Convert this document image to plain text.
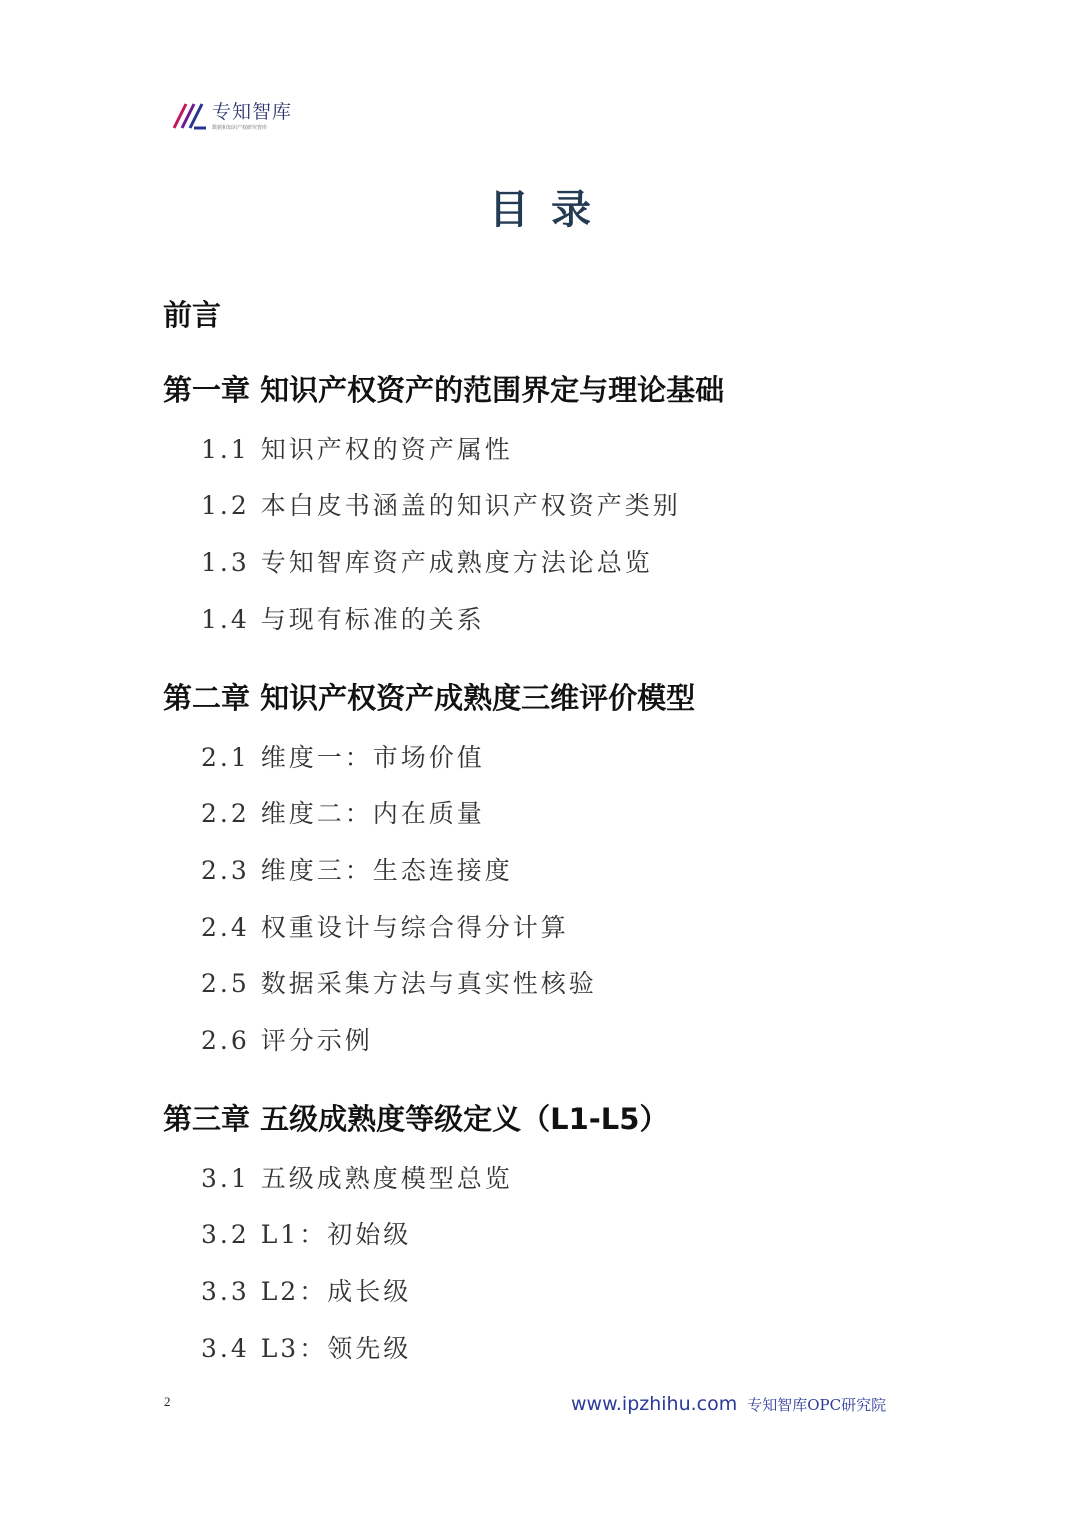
专知智库
数据和知识产权研究智库
目录
前言
第一章 知识产权资产的范围界定与理论基础
1.1 知识产权的资产属性
1.2 本白皮书涵盖的知识产权资产类别
1.3 专知智库资产成熟度方法论总览
1.4 与现有标准的关系
第二章 知识产权资产成熟度三维评价模型
2.1 维度一：市场价值
2.2 维度二：内在质量
2.3 维度三：生态连接度
2.4 权重设计与综合得分计算
2.5 数据采集方法与真实性核验
2.6 评分示例
第三章 五级成熟度等级定义（L1-L5）
3.1 五级成熟度模型总览
3.2 L1：初始级
3.3 L2：成长级
3.4 L3：领先级
2	www.ipzhihu.com 专知智库OPC研究院
